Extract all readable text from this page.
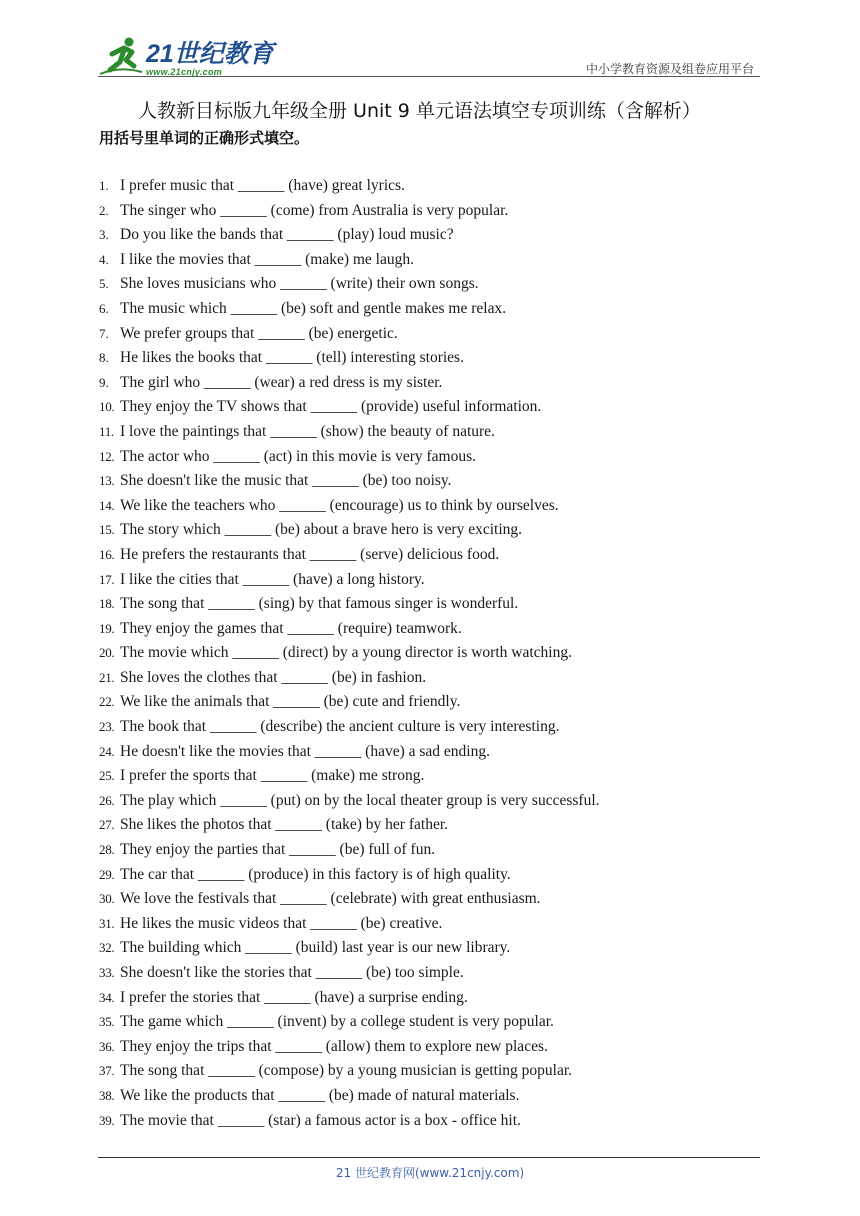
21世纪教育
www.21cnjy.com	中小学教育资源及组卷应用平台
人教新目标版九年级全册 Unit 9 单元语法填空专项训练（含解析）
用括号里单词的正确形式填空。
1. I prefer music that ______ (have) great lyrics.
2. The singer who ______ (come) from Australia is very popular.
3. Do you like the bands that ______ (play) loud music?
4. I like the movies that ______ (make) me laugh.
5. She loves musicians who ______ (write) their own songs.
6. The music which ______ (be) soft and gentle makes me relax.
7. We prefer groups that ______ (be) energetic.
8. He likes the books that ______ (tell) interesting stories.
9. The girl who ______ (wear) a red dress is my sister.
10. They enjoy the TV shows that ______ (provide) useful information.
11. I love the paintings that ______ (show) the beauty of nature.
12. The actor who ______ (act) in this movie is very famous.
13. She doesn't like the music that ______ (be) too noisy.
14. We like the teachers who ______ (encourage) us to think by ourselves.
15. The story which ______ (be) about a brave hero is very exciting.
16. He prefers the restaurants that ______ (serve) delicious food.
17. I like the cities that ______ (have) a long history.
18. The song that ______ (sing) by that famous singer is wonderful.
19. They enjoy the games that ______ (require) teamwork.
20. The movie which ______ (direct) by a young director is worth watching.
21. She loves the clothes that ______ (be) in fashion.
22. We like the animals that ______ (be) cute and friendly.
23. The book that ______ (describe) the ancient culture is very interesting.
24. He doesn't like the movies that ______ (have) a sad ending.
25. I prefer the sports that ______ (make) me strong.
26. The play which ______ (put) on by the local theater group is very successful.
27. She likes the photos that ______ (take) by her father.
28. They enjoy the parties that ______ (be) full of fun.
29. The car that ______ (produce) in this factory is of high quality.
30. We love the festivals that ______ (celebrate) with great enthusiasm.
31. He likes the music videos that ______ (be) creative.
32. The building which ______ (build) last year is our new library.
33. She doesn't like the stories that ______ (be) too simple.
34. I prefer the stories that ______ (have) a surprise ending.
35. The game which ______ (invent) by a college student is very popular.
36. They enjoy the trips that ______ (allow) them to explore new places.
37. The song that ______ (compose) by a young musician is getting popular.
38. We like the products that ______ (be) made of natural materials.
39. The movie that ______ (star) a famous actor is a box - office hit.
21 世纪教育网(www.21cnjy.com)
